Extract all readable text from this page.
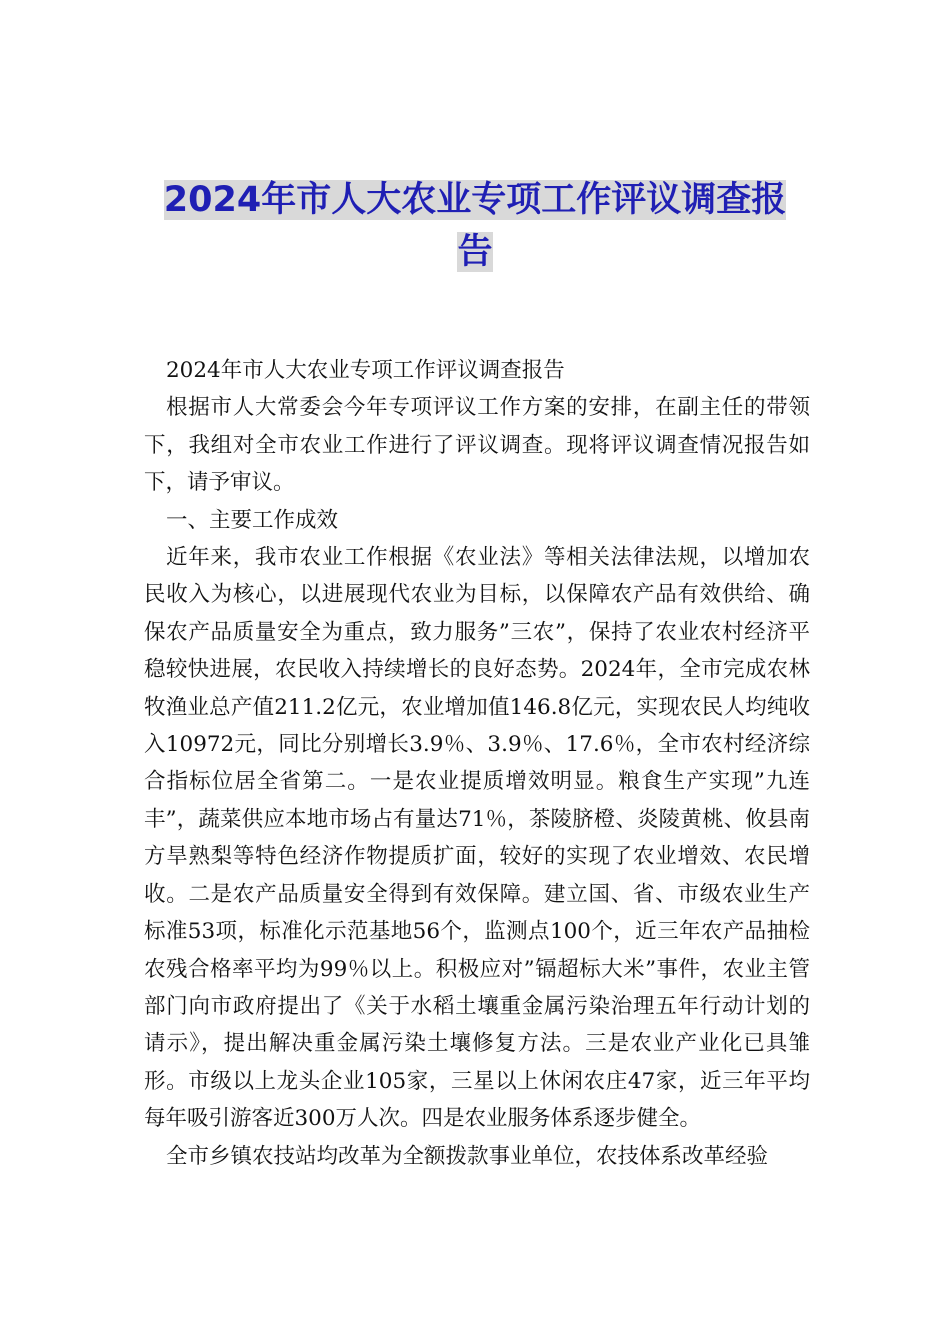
2024年市人大农业专项工作评议调查报
告

2024年市人大农业专项工作评议调查报告

根据市人大常委会今年专项评议工作方案的安排，在副主任的带领下，我组对全市农业工作进行了评议调查。现将评议调查情况报告如下，请予审议。

一、主要工作成效

近年来，我市农业工作根据《农业法》等相关法律法规，以增加农民收入为核心，以进展现代农业为目标，以保障农产品有效供给、确保农产品质量安全为重点，致力服务”三农”，保持了农业农村经济平稳较快进展，农民收入持续增长的良好态势。2024年，全市完成农林牧渔业总产值211.2亿元，农业增加值146.8亿元，实现农民人均纯收入10972元，同比分别增长3.9％、3.9％、17.6％，全市农村经济综合指标位居全省第二。一是农业提质增效明显。粮食生产实现”九连丰”，蔬菜供应本地市场占有量达71％，茶陵脐橙、炎陵黄桃、攸县南方旱熟梨等特色经济作物提质扩面，较好的实现了农业增效、农民增收。二是农产品质量安全得到有效保障。建立国、省、市级农业生产标准53项，标准化示范基地56个，监测点100个，近三年农产品抽检农残合格率平均为99％以上。积极应对”镉超标大米”事件，农业主管部门向市政府提出了《关于水稻土壤重金属污染治理五年行动计划的请示》，提出解决重金属污染土壤修复方法。三是农业产业化已具雏形。市级以上龙头企业105家，三星以上休闲农庄47家，近三年平均每年吸引游客近300万人次。四是农业服务体系逐步健全。

全市乡镇农技站均改革为全额拨款事业单位，农技体系改革经验
